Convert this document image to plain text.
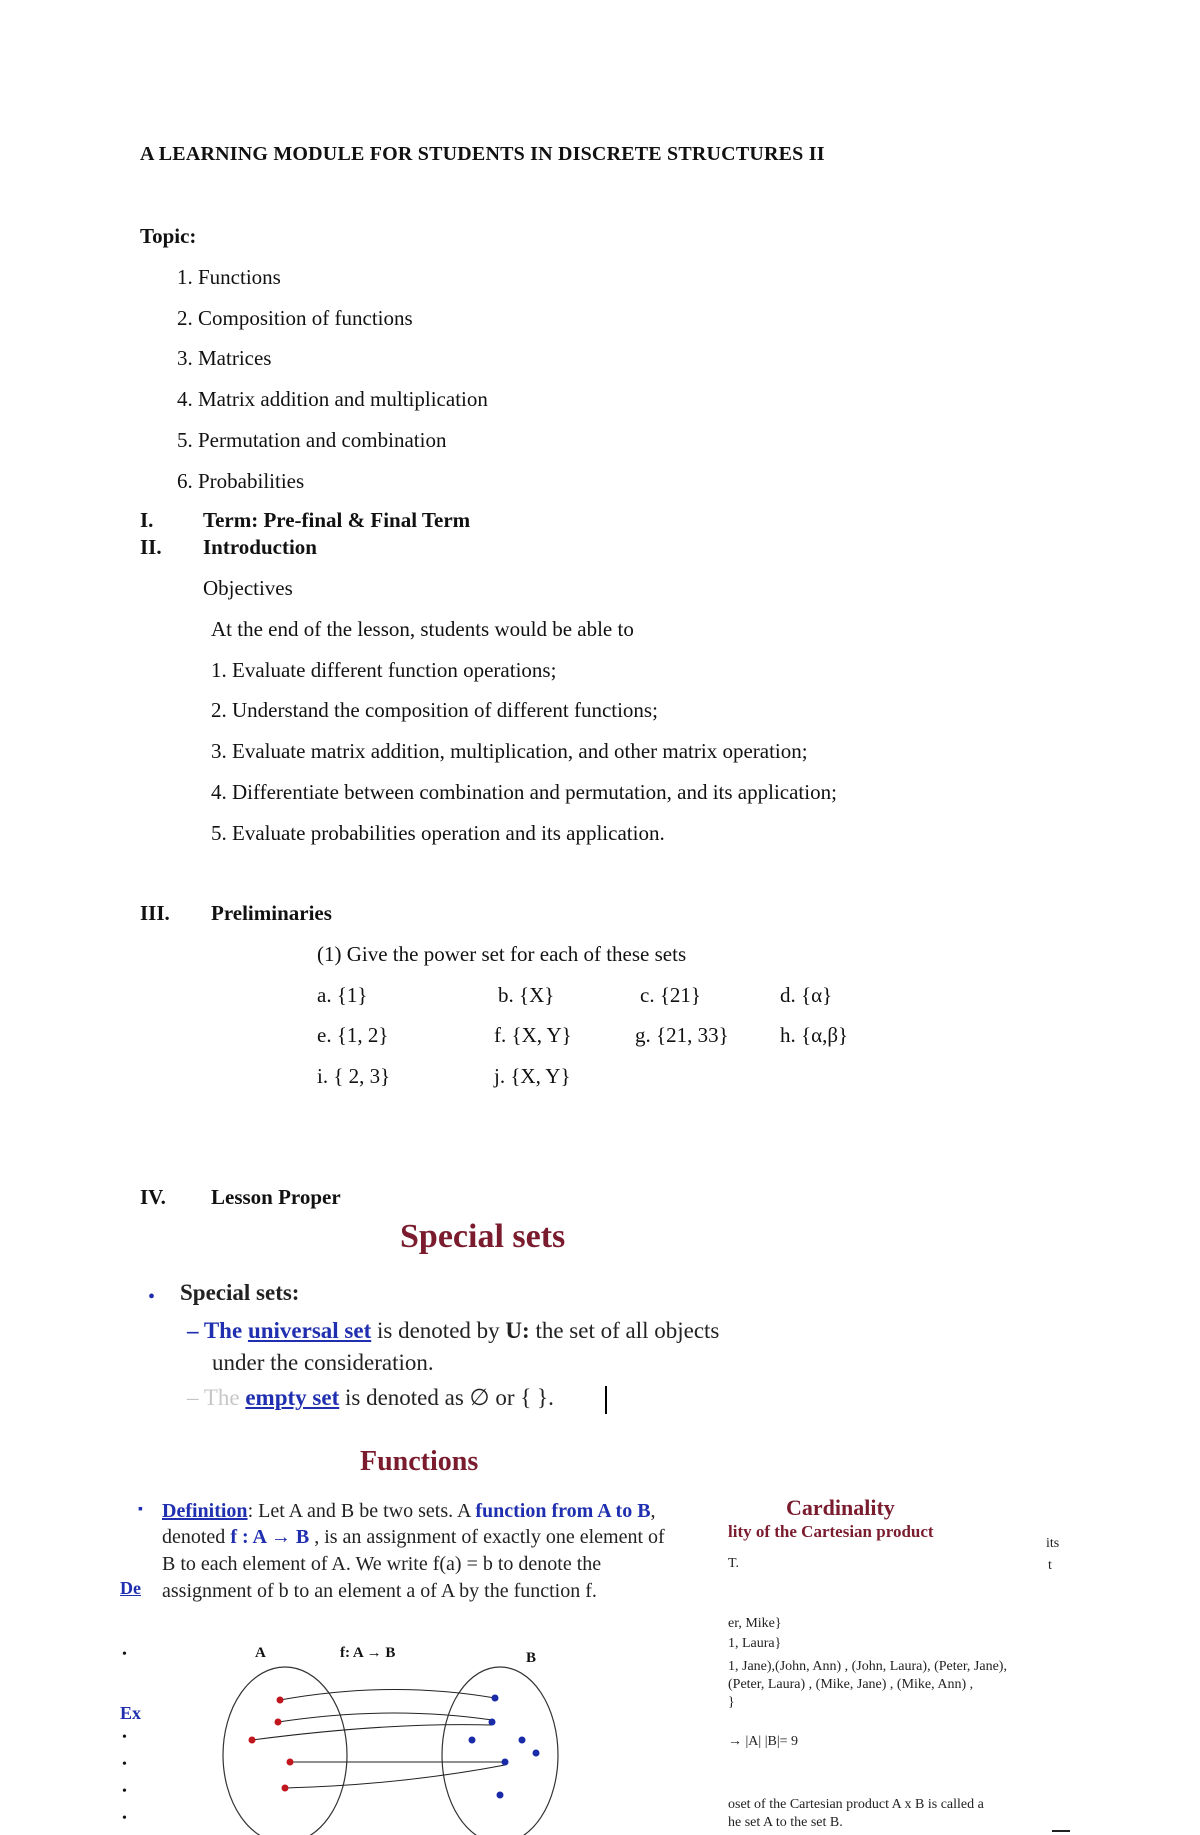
A LEARNING MODULE FOR STUDENTS IN DISCRETE STRUCTURES II
Topic:
1. Functions
2. Composition of functions
3. Matrices
4. Matrix addition and multiplication
5. Permutation and combination
6. Probabilities
I. Term: Pre-final & Final Term
II. Introduction
Objectives
At the end of the lesson, students would be able to
1. Evaluate different function operations;
2. Understand the composition of different functions;
3. Evaluate matrix addition, multiplication, and other matrix operation;
4. Differentiate between combination and permutation, and its application;
5. Evaluate probabilities operation and its application.
III. Preliminaries
(1) Give the power set for each of these sets
a. {1}	b. {X}	c. {21}	d. {α}
e. {1, 2}	f. {X, Y}	g. {21, 33} h. {α,β}
i. { 2, 3}	j. {X, Y}
IV. Lesson Proper
Special sets
• Special sets:
– The universal set is denoted by U: the set of all objects
under the consideration.
– The empty set is denoted as ∅ or { }.
Functions
▪ Definition: Let A and B be two sets. A function from A to B,
denoted f : A → B , is an assignment of exactly one element of
B to each element of A. We write f(a) = b to denote the
assignment of b to an element a of A by the function f.
A	f: A → B	B
De
Ex
•
•
•
•
•
Cardinality
lity of the Cartesian product
T.
its
t
er, Mike}
1, Laura}
1, Jane),(John, Ann) , (John, Laura), (Peter, Jane),
(Peter, Laura) , (Mike, Jane) , (Mike, Ann) ,
}
→ |A| |B|= 9
oset of the Cartesian product A x B is called a
he set A to the set B.
